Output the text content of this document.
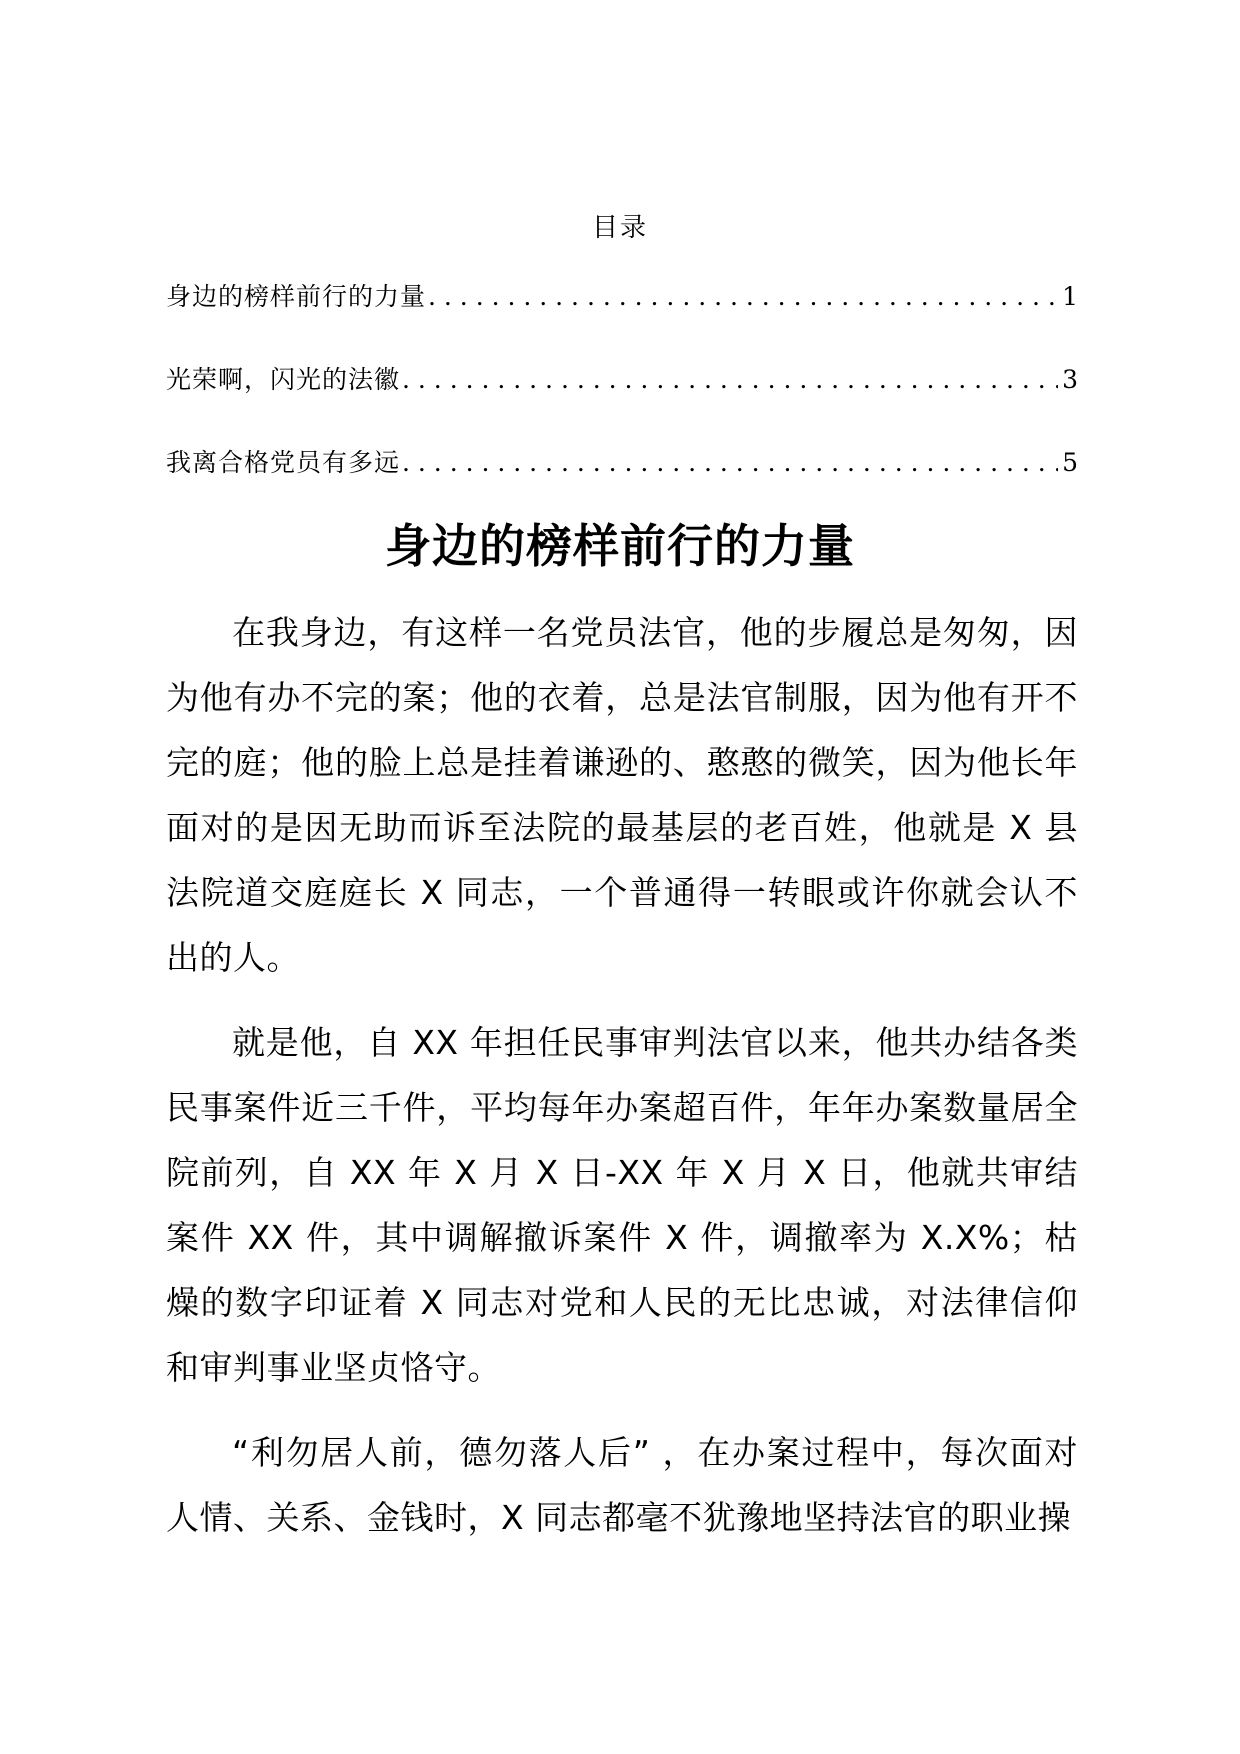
目录
身边的榜样前行的力量 . . .	1
光荣啊，闪光的法徽 . . .	3
我离合格党员有多远 . . .	5
身边的榜样前行的力量

在我身边，有这样一名党员法官，他的步履总是匆匆，因为他有办不完的案；他的衣着，总是法官制服，因为他有开不完的庭；他的脸上总是挂着谦逊的、憨憨的微笑，因为他长年面对的是因无助而诉至法院的最基层的老百姓，他就是 X 县法院道交庭庭长 X 同志，一个普通得一转眼或许你就会认不出的人。

就是他，自 XX 年担任民事审判法官以来，他共办结各类民事案件近三千件，平均每年办案超百件，年年办案数量居全院前列，自 XX 年 X 月 X 日-XX 年 X 月 X 日，他就共审结案件 XX 件，其中调解撤诉案件 X 件，调撤率为 X.X%；枯燥的数字印证着 X 同志对党和人民的无比忠诚，对法律信仰和审判事业坚贞恪守。

“利勿居人前，德勿落人后” ，在办案过程中，每次面对人情、关系、金钱时，X 同志都毫不犹豫地坚持法官的职业操
